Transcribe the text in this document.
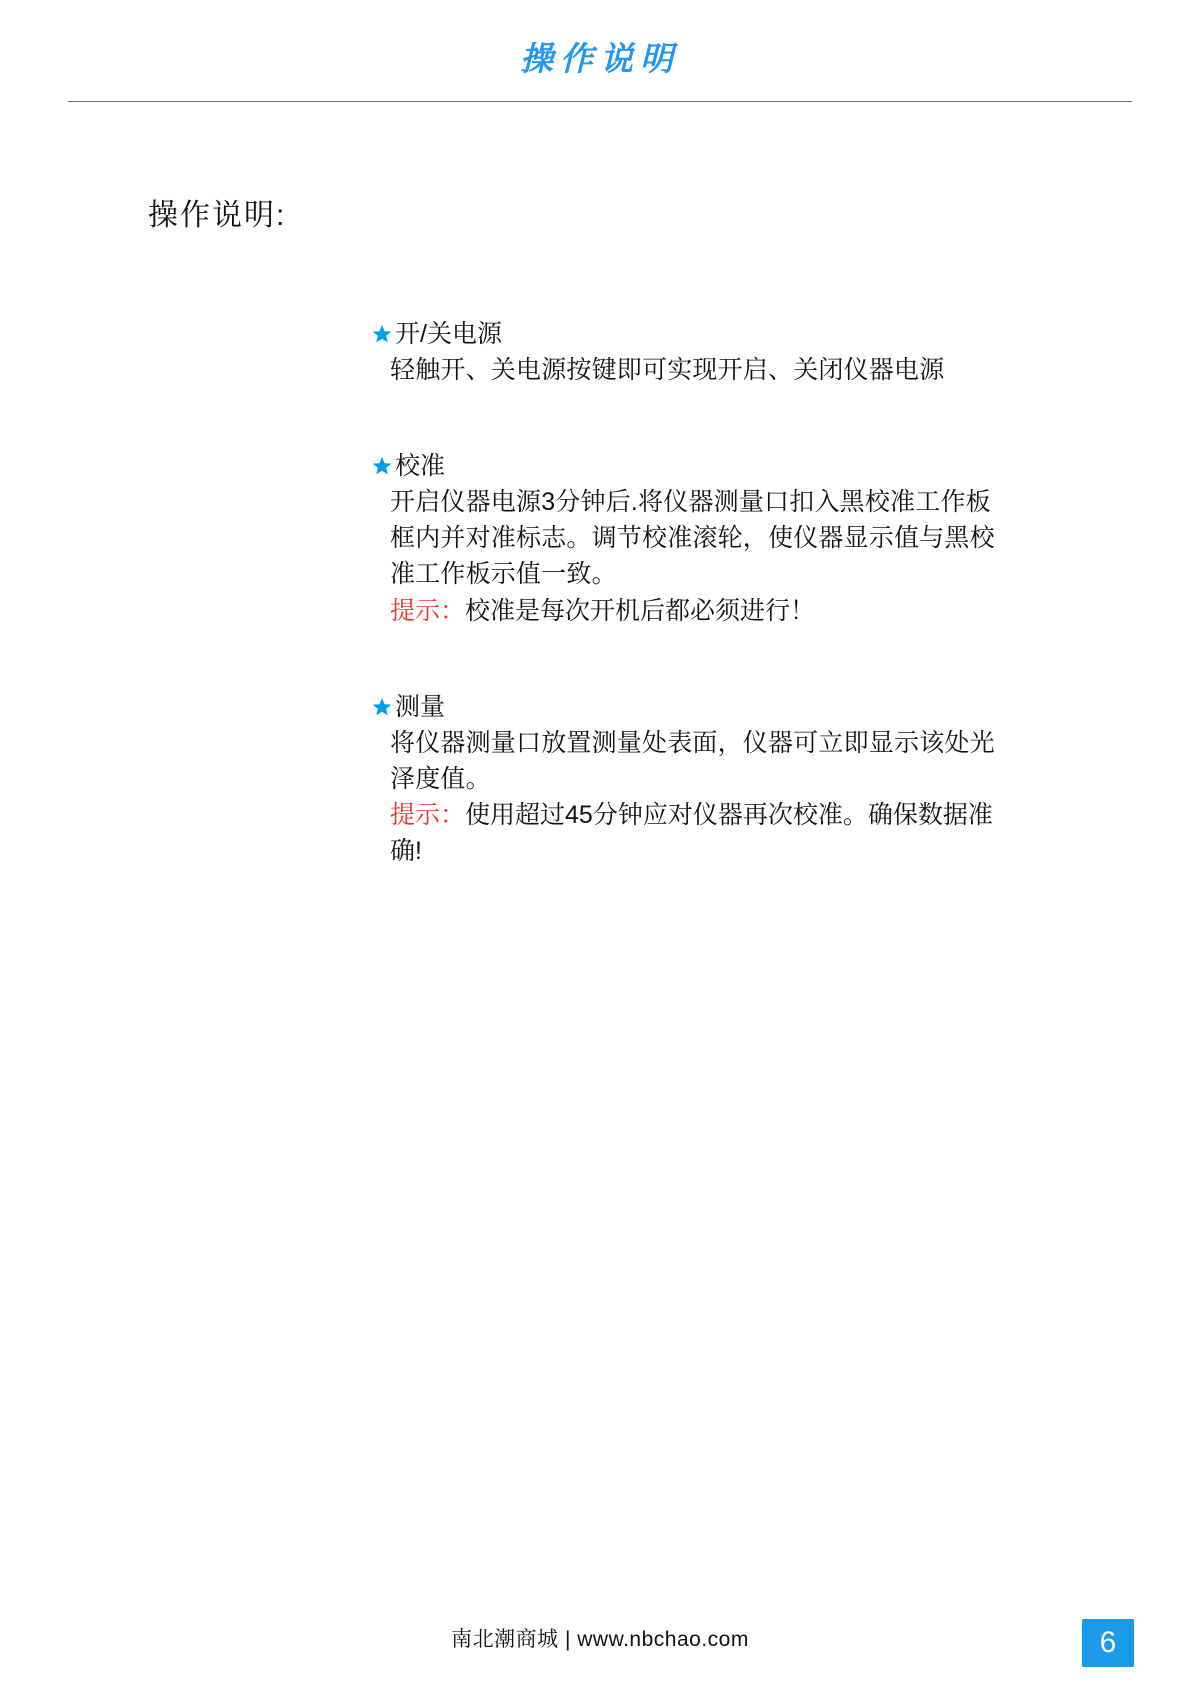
操作说明
操作说明:
开/关电源
轻触开、关电源按键即可实现开启、关闭仪器电源
校准
开启仪器电源3分钟后.将仪器测量口扣入黑校准工作板框内并对准标志。调节校准滚轮，使仪器显示值与黑校准工作板示值一致。
提示：校准是每次开机后都必须进行！
测量
将仪器测量口放置测量处表面，仪器可立即显示该处光泽度值。
提示：使用超过45分钟应对仪器再次校准。确保数据准确!
南北潮商城 | www.nbchao.com	6
